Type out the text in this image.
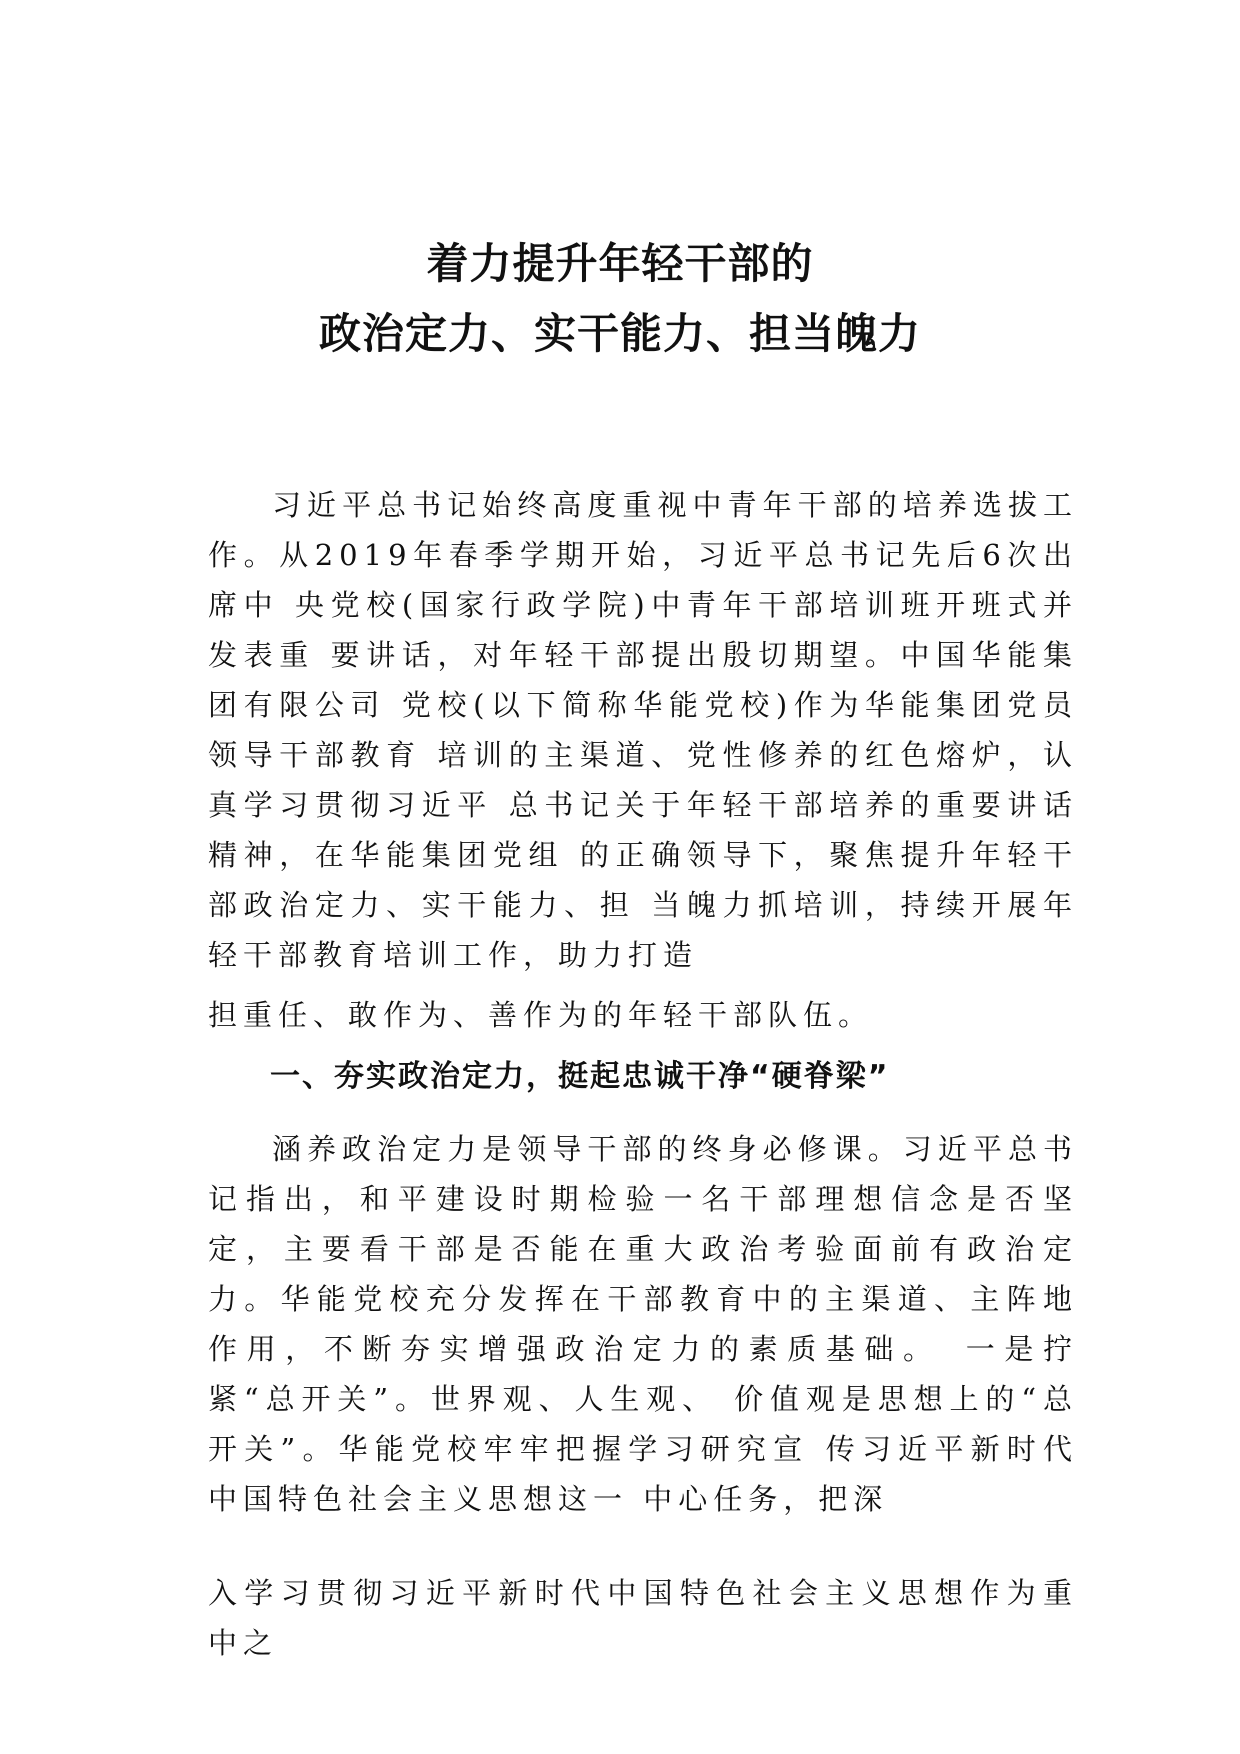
着力提升年轻干部的
政治定力、实干能力、担当魄力

习近平总书记始终高度重视中青年干部的培养选拔工作。从2019年春季学期开始，习近平总书记先后6次出席中 央党校(国家行政学院)中青年干部培训班开班式并发表重 要讲话，对年轻干部提出殷切期望。中国华能集团有限公司 党校(以下简称华能党校)作为华能集团党员领导干部教育 培训的主渠道、党性修养的红色熔炉，认真学习贯彻习近平 总书记关于年轻干部培养的重要讲话精神，在华能集团党组 的正确领导下，聚焦提升年轻干部政治定力、实干能力、担 当魄力抓培训，持续开展年轻干部教育培训工作，助力打造

担重任、敢作为、善作为的年轻干部队伍。

一、夯实政治定力，挺起忠诚干净“硬脊梁”

涵养政治定力是领导干部的终身必修课。习近平总书记指出，和平建设时期检验一名干部理想信念是否坚定，主要看干部是否能在重大政治考验面前有政治定力。华能党校充分发挥在干部教育中的主渠道、主阵地作用，不断夯实增强政治定力的素质基础。　一是拧紧“总开关”。世界观、人生观、 价值观是思想上的“总开关”。华能党校牢牢把握学习研究宣 传习近平新时代中国特色社会主义思想这一 中心任务，把深

入学习贯彻习近平新时代中国特色社会主义思想作为重中之
